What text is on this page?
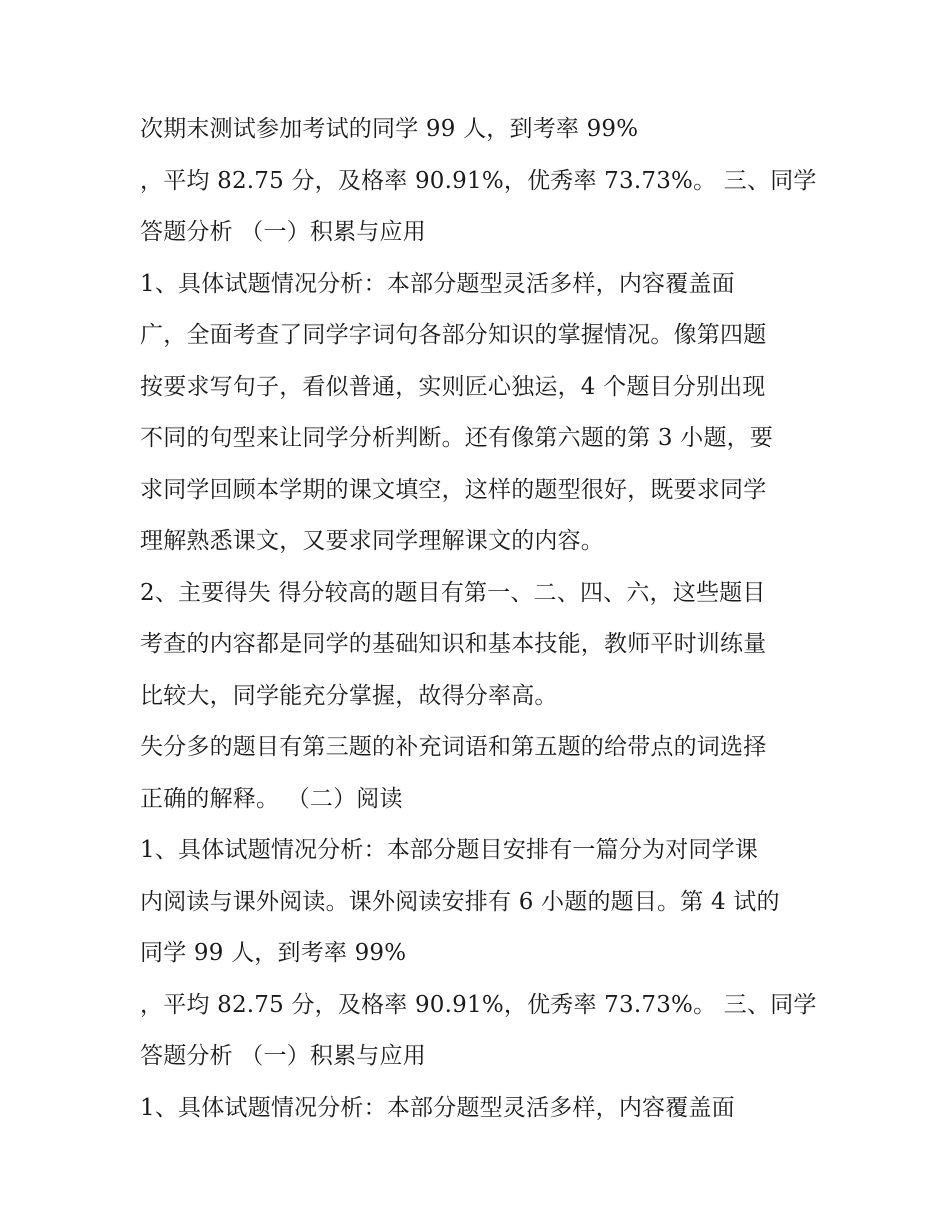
次期末测试参加考试的同学 99 人，到考率 99%
，平均 82.75 分，及格率 90.91%，优秀率 73.73%。 三、同学
答题分析 （一）积累与应用
1、具体试题情况分析：本部分题型灵活多样，内容覆盖面
广，全面考查了同学字词句各部分知识的掌握情况。像第四题
按要求写句子，看似普通，实则匠心独运，4 个题目分别出现
不同的句型来让同学分析判断。还有像第六题的第 3 小题，要
求同学回顾本学期的课文填空，这样的题型很好，既要求同学
理解熟悉课文，又要求同学理解课文的内容。
2、主要得失 得分较高的题目有第一、二、四、六，这些题目
考查的内容都是同学的基础知识和基本技能，教师平时训练量
比较大，同学能充分掌握，故得分率高。
失分多的题目有第三题的补充词语和第五题的给带点的词选择
正确的解释。 （二）阅读
1、具体试题情况分析：本部分题目安排有一篇分为对同学课
内阅读与课外阅读。课外阅读安排有 6 小题的题目。第 4 试的
同学 99 人，到考率 99%
，平均 82.75 分，及格率 90.91%，优秀率 73.73%。 三、同学
答题分析 （一）积累与应用
1、具体试题情况分析：本部分题型灵活多样，内容覆盖面
